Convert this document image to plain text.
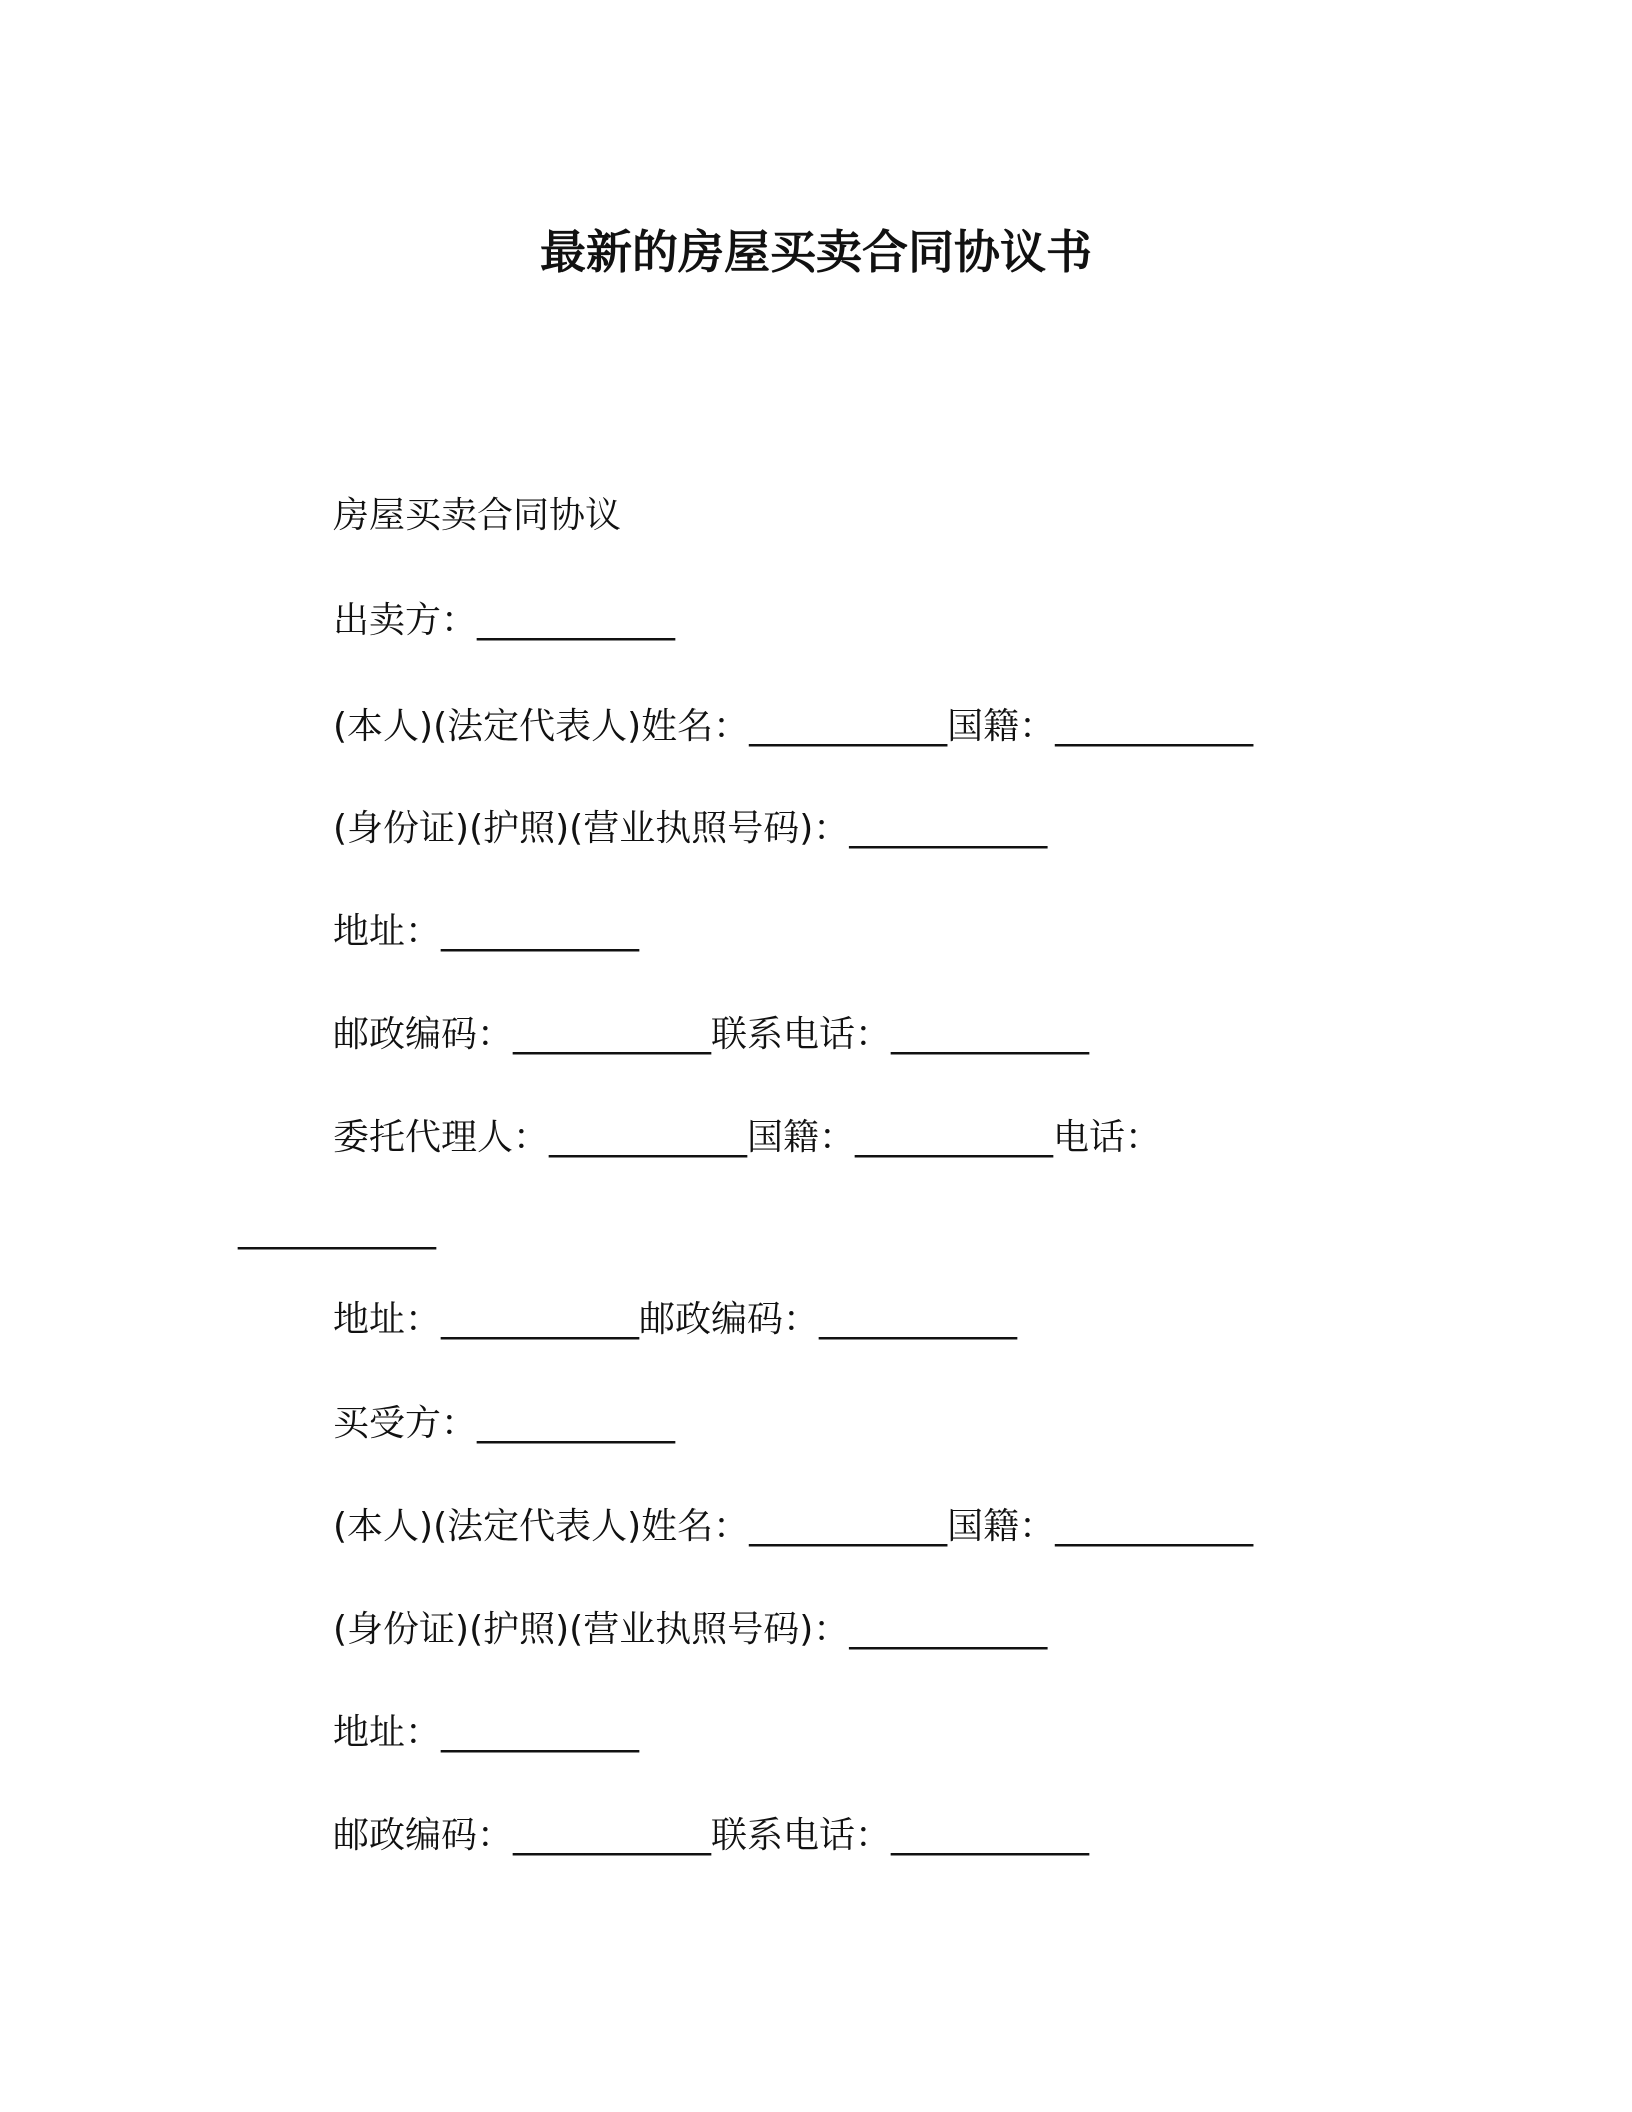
最新的房屋买卖合同协议书
房屋买卖合同协议
出卖方：___________
(本人)(法定代表人)姓名：___________国籍：___________
(身份证)(护照)(营业执照号码)：___________
地址：___________
邮政编码：___________联系电话：___________
委托代理人：___________国籍：___________电话：
___________
地址：___________邮政编码：___________
买受方：___________
(本人)(法定代表人)姓名：___________国籍：___________
(身份证)(护照)(营业执照号码)：___________
地址：___________
邮政编码：___________联系电话：___________
